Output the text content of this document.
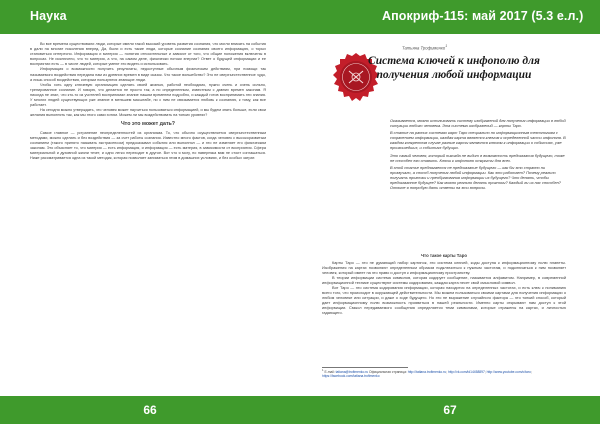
Наука

Во все времена существовали люди, которые имели такой высокий уровень развития сознания, что могли вникать на события в дали на многие поколения вперед. Да, были и есть такие люди, которые сознание сознания своего информацию, о торых становиться интересно. Информация и материя — понятия относительные и зависят от того, что общие положения включены в вопросах. Не исключено, что то материя, а что, на самом деле, физически потоки энергии? Ответ о будущей информации и ее восприятии есть — в числе людей, которые умеют это видеть и использовать.

Информация о возможности получить результаты, недоступные обычным физическим действиям, при помощи так называемого воздействия передана нам из древних времен в виде сказок. Что такое волшебство? Это не сверхъестественное чудо, а лишь способ воздействия, которым пользуются знающие люди.

Чтобы хоть одну ключевую организацию сделать своей жизнью, работой необходимо, нужно очень и очень сильно, тренированное сознание. И говорю, что делается не просто так, а по определенным, известным с давних времен законам. Я никогда не знал, что кто-то из учителей воспринимал знание нашим временем подробно, и каждый готов воспринимать эти знания. У многих людей существующих уже знание в меньшем масштабе, но с ним не связывается любовь к сознанию, к тому, как все работает.

На сегодня можно утверждать, что человек может научиться пользоваться информацией, и мы будем знать больше, если свои желания выполнять так, как мы этого сами хотим. Можем ли мы воздействовать на тонких уровнях?

Что это может дать?

Самое главное — устранение неопределенностей из организма. То, что обычно осуществляется сверхъестественным методами, можно сделать и без воздействия — за счет работы сознания. Известно много фактов, когда человек с высокоразвитым сознанием (такого принято называть экстрасенсом) предсказывал события или выполнял — и это не изменяет его физическим законам. Это объясняет то, что материя — есть информация, и информация — есть материя, в зависимости от восприятия. Сфера материальной и духовной жизни течет, и одно легко переходит в другое. Вот что я могу, но наверняка вам не стоит соглашаться. Ниже рассматривается одна из такой методик, которая позволяет заниматься этим в домашних условиях, и без особых затрат.

66
Апокриф-115: май 2017 (5.3 е.л.)
67
Татьяна Трофименко$^1$
Система ключей к инфополю для получения любой информации

Оказывается, можно использовать систему изображений для получения информации в любой ситуации любого человека. Эта система изображений — карты Таро.

В статье на ранних системах карт Таро специально по информационным технологиям с сохранением информации, каждая карта является ключом к определенной части инфополя. В каждом конкретном случае разные карты являются ключом к информации о событиях, уже произошедших, и событиях будущих.

Это самый человек, который никогда не видит в возможность предсказания будущего, тоже не способен его ставить. Ключи к инфополю открыты для всех.

В этой статье предлагается не предсказание будущего — как бы это странно ни прозвучало, а способ получения любой информации. Как это работает? Почему реально получать прогнозы и преобразования информации из будущего? Что делать, чтобы предсказанное будущее? Как можно реально делать прогнозы? Каждый ли из нас способен? Отныне я попробую дать ответы на эти вопросы.

Что такое карты Таро

Карты Таро — это не думающий набор картинок, это система ключей, коды доступа к информационному полю планеты. Изображения на картах позволяют определенным образом подключиться к нужным частотам, и подключаться к ним позволяет человек, который имеет на это право и доступ к информационному пространству.

В теории информации система символов, которая кодирует сообщение, называется алфавитом. Например, в современной информационной технике существуют системы кодирования, каждая карта несет свой смысловой символ.

Вот Таро — это система кодирования информации, которая находится на определенных частотах, и есть ключ к пониманию всего того, что происходит в окружающей действительности. Мы можем пользоваться своими картами для получения информации о любом человеке или ситуации, и даже о ходе будущего. Но это не выражение случайного фактора — это тонкий способ, который дает информационному полю возможность проявиться в нашей реальности. Именно карты открывают нам доступ к этой информации. Смысл передаваемого сообщения определяется теми символами, которые отражены на картах, и личностью гадающего.

$^1$ E-mail: tatiana@trofimenko.ru Официальная страница: http://tatiana.trofimenko.ru; http://vk.com/id14458897; http://www.youtube.com/c/taro; https://facebook.com/tatiana.trofimenko
